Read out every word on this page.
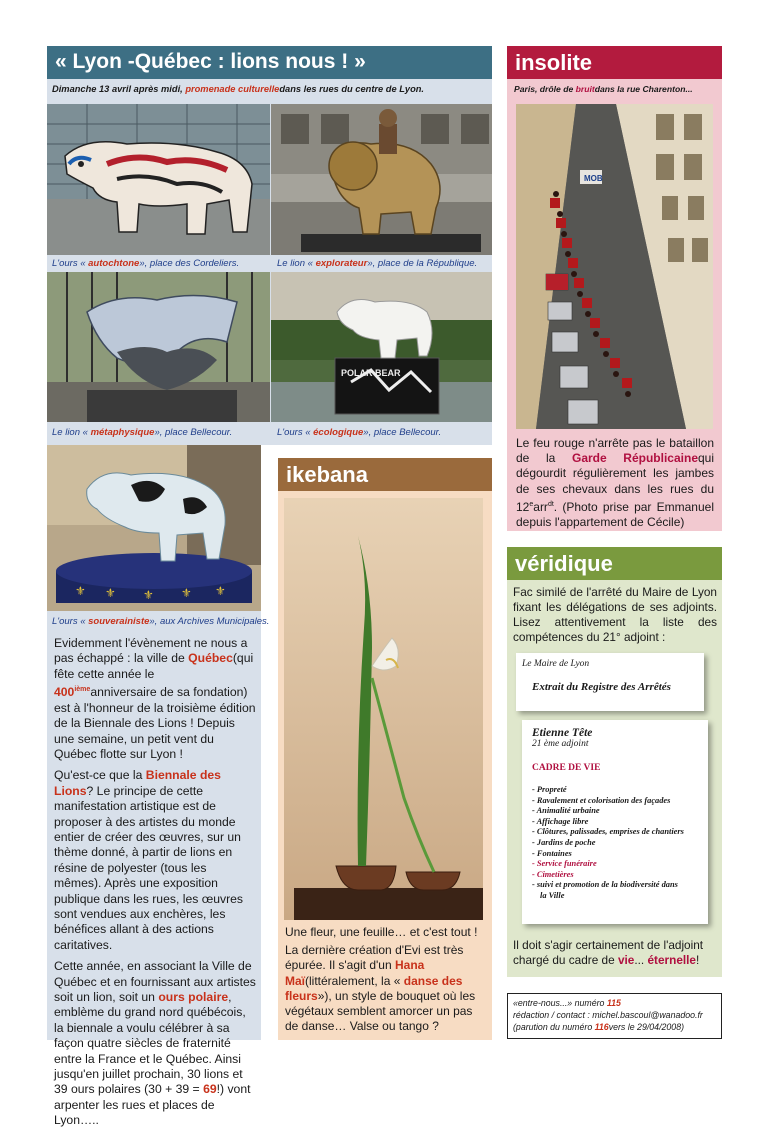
« Lyon -Québec : lions nous ! »
Dimanche 13 avril après midi, promenade culturelledans les rues du centre de Lyon.
L'ours « autochtone», place des Cordeliers.	Le lion « explorateur», place de la République.
POLAR BEAR
Le lion « métaphysique», place Bellecour.	L'ours « écologique», place Bellecour.
⚜ ⚜ ⚜ ⚜ ⚜
L'ours « souverainiste», aux Archives Municipales.

Evidemment l'évènement ne nous a pas échappé : la ville de Québec(qui fête cette année le 400ièmeanniversaire de sa fondation) est à l'honneur de la troisième édition de la Biennale des Lions ! Depuis une semaine, un petit vent du Québec flotte sur Lyon !

Qu'est-ce que la Biennale des Lions? Le principe de cette manifestation artistique est de proposer à des artistes du monde entier de créer des œuvres, sur un thème donné, à partir de lions en résine de polyester (tous les mêmes). Après une exposition publique dans les rues, les œuvres sont vendues aux enchères, les bénéfices allant à des actions caritatives.

Cette année, en associant la Ville de Québec et en fournissant aux artistes soit un lion, soit un ours polaire, emblème du grand nord québécois, la biennale a voulu célébrer à sa façon quatre siècles de fraternité entre la France et le Québec. Ainsi jusqu'en juillet prochain, 30 lions et 39 ours polaires (30 + 39 = 69!) vont arpenter les rues et places de Lyon…..

insolite
Paris, drôle de bruitdans la rue Charenton...
MOB
Le feu rouge n'arrête pas le bataillon de la Garde Républicainequi dégourdit régulièrement les jambes de ses chevaux dans les rues du 12earr$^{dt}$. (Photo prise par Emmanuel depuis l'appartement de Cécile)
ikebana

Une fleur, une feuille… et c'est tout !

La dernière création d'Evi est très épurée. Il s'agit d'un Hana Maï(littéralement, la « danse des fleurs»), un style de bouquet où les végétaux semblent amorcer un pas de danse… Valse ou tango ?

véridique
Fac similé de l'arrêté du Maire de Lyon fixant les délégations de ses adjoints. Lisez attentivement la liste des compétences du 21° adjoint :
Le Maire de Lyon
Extrait du Registre des Arrêtés
Etienne Tête
21 ème adjoint
CADRE DE VIE
- Propreté
- Ravalement et colorisation des façades
- Animalité urbaine
- Affichage libre
- Clôtures, palissades, emprises de chantiers
- Jardins de poche
- Fontaines
- Service funéraire
- Cimetières
- suivi et promotion de la biodiversité dans
la Ville
Il doit s'agir certainement de l'adjoint chargé du cadre de vie... éternelle!
«entre-nous...» numéro 115
rédaction / contact : michel.bascoul@wanadoo.fr
(parution du numéro 116vers le 29/04/2008)
